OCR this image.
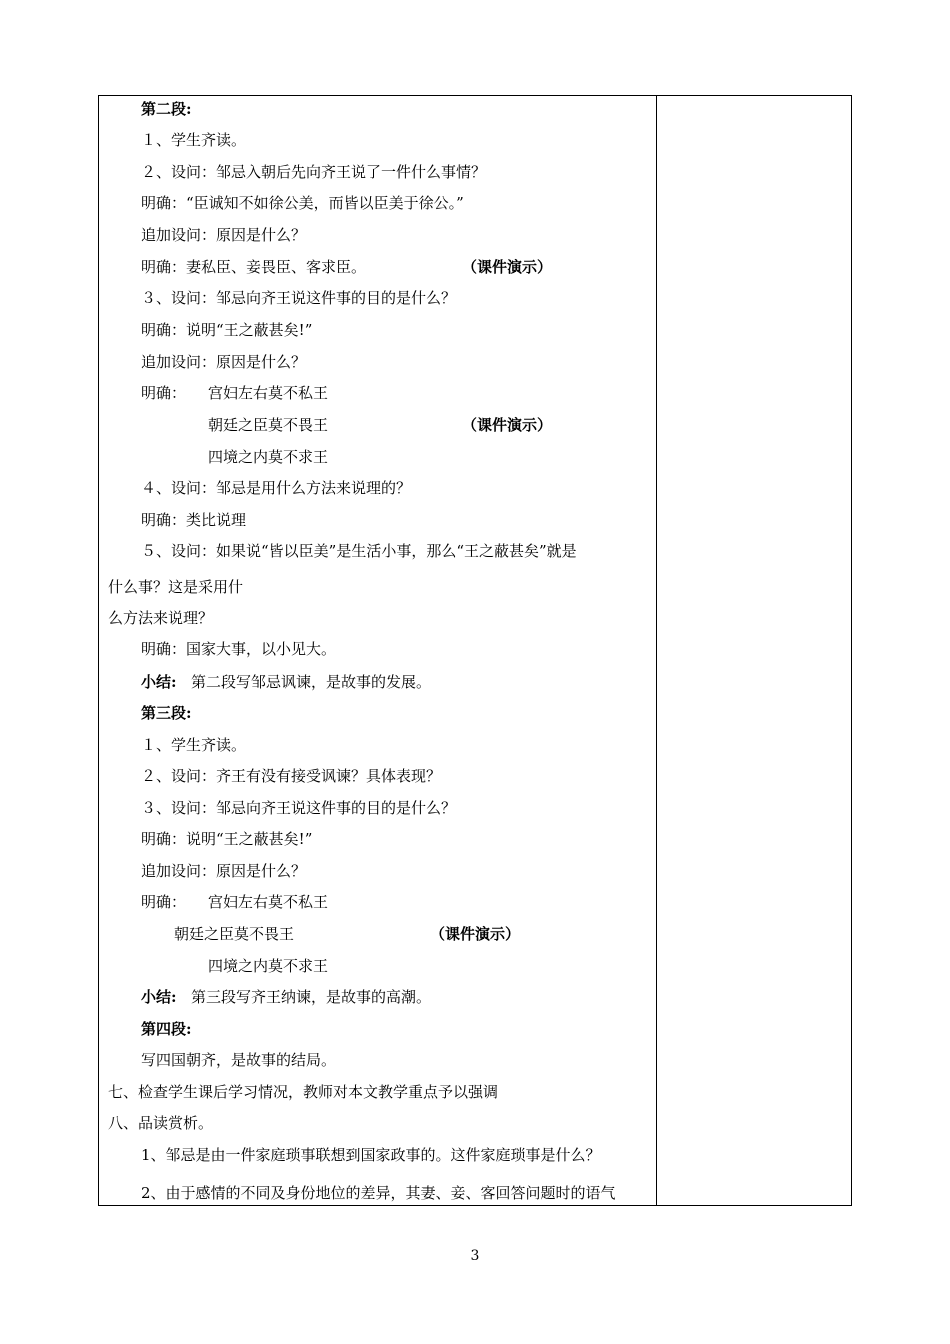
第二段:
１、学生齐读。
２、设问：邹忌入朝后先向齐王说了一件什么事情？
明确：“臣诚知不如徐公美，而皆以臣美于徐公。”
追加设问：原因是什么？
明确：妻私臣、妾畏臣、客求臣。	（课件演示）
３、设问：邹忌向齐王说这件事的目的是什么？
明确：说明“王之蔽甚矣!”
追加设问：原因是什么？
明确： 宫妇左右莫不私王
朝廷之臣莫不畏王	（课件演示）
四境之内莫不求王
４、设问：邹忌是用什么方法来说理的？
明确：类比说理
５、设问：如果说“皆以臣美”是生活小事，那么“王之蔽甚矣”就是
什么事？这是采用什
么方法来说理？
明确：国家大事，以小见大。
小结: 第二段写邹忌讽谏，是故事的发展。
第三段:
１、学生齐读。
２、设问：齐王有没有接受讽谏？具体表现？
３、设问：邹忌向齐王说这件事的目的是什么？
明确：说明“王之蔽甚矣!”
追加设问：原因是什么？
明确： 宫妇左右莫不私王
朝廷之臣莫不畏王	（课件演示）
四境之内莫不求王
小结: 第三段写齐王纳谏，是故事的高潮。
第四段:
写四国朝齐，是故事的结局。
七、检查学生课后学习情况，教师对本文教学重点予以强调
八、品读赏析。
1、邹忌是由一件家庭琐事联想到国家政事的。这件家庭琐事是什么？
2、由于感情的不同及身份地位的差异，其妻、妾、客回答问题时的语气
3
